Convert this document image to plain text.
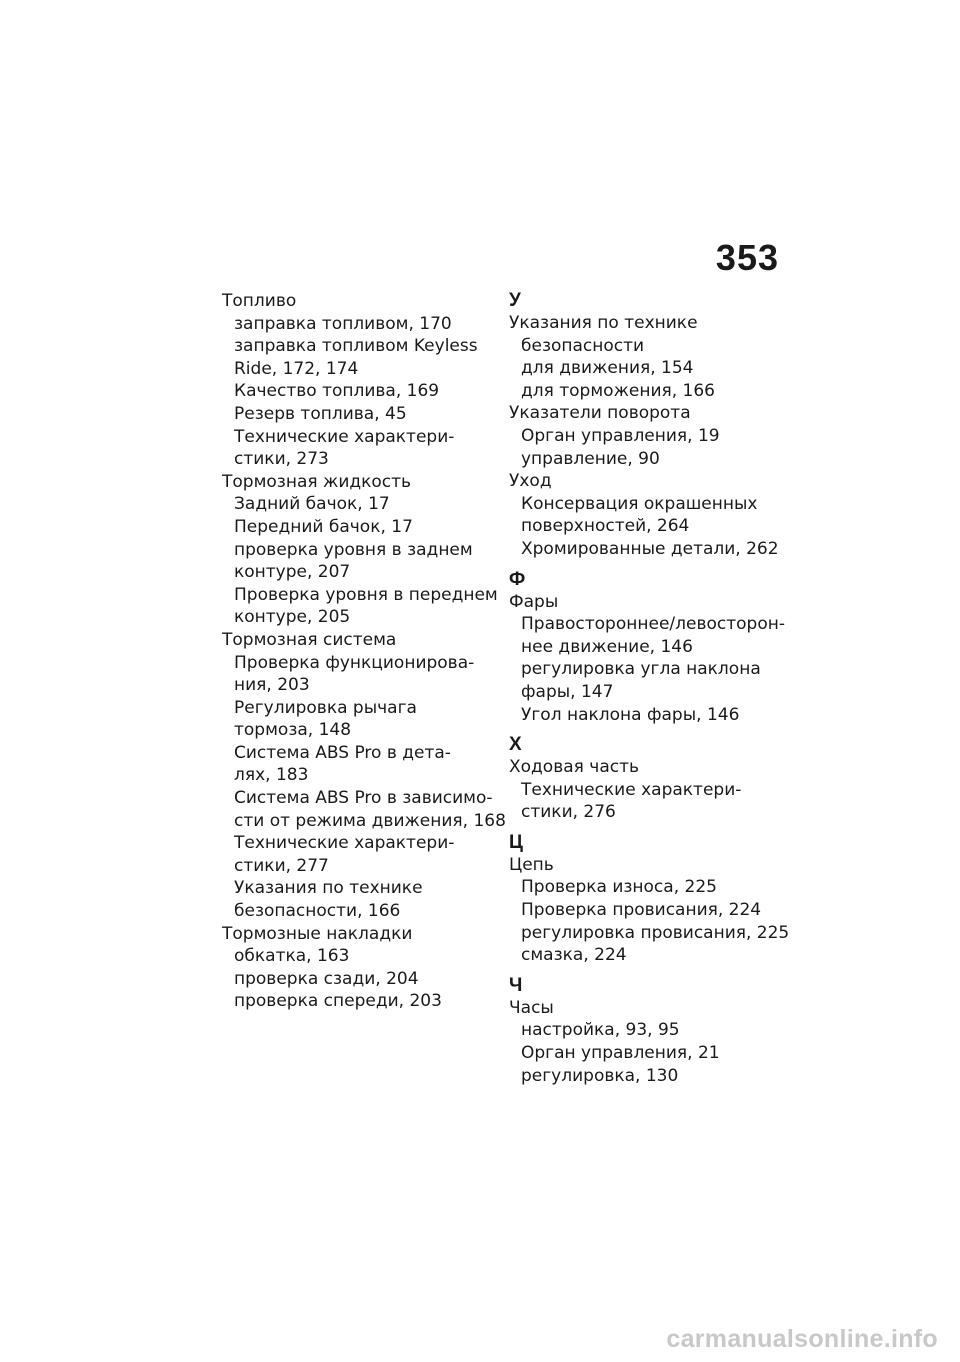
353
Топливо
заправка топливом, 170
заправка топливом Keyless
Ride, 172, 174
Качество топлива, 169
Резерв топлива, 45
Технические характери-
стики, 273
Тормозная жидкость
Задний бачок, 17
Передний бачок, 17
проверка уровня в заднем
контуре, 207
Проверка уровня в переднем
контуре, 205
Тормозная система
Проверка функционирова-
ния, 203
Регулировка рычага
тормоза, 148
Система ABS Pro в дета-
лях, 183
Система ABS Pro в зависимо-
сти от режима движения, 168
Технические характери-
стики, 277
Указания по технике
безопасности, 166
Тормозные накладки
обкатка, 163
проверка сзади, 204
проверка спереди, 203
У
Указания по технике
безопасности
для движения, 154
для торможения, 166
Указатели поворота
Орган управления, 19
управление, 90
Уход
Консервация окрашенных
поверхностей, 264
Хромированные детали, 262
Ф
Фары
Правостороннее/левосторон-
нее движение, 146
регулировка угла наклона
фары, 147
Угол наклона фары, 146
Х
Ходовая часть
Технические характери-
стики, 276
Ц
Цепь
Проверка износа, 225
Проверка провисания, 224
регулировка провисания, 225
смазка, 224
Ч
Часы
настройка, 93, 95
Орган управления, 21
регулировка, 130
carmanualsonline.info
